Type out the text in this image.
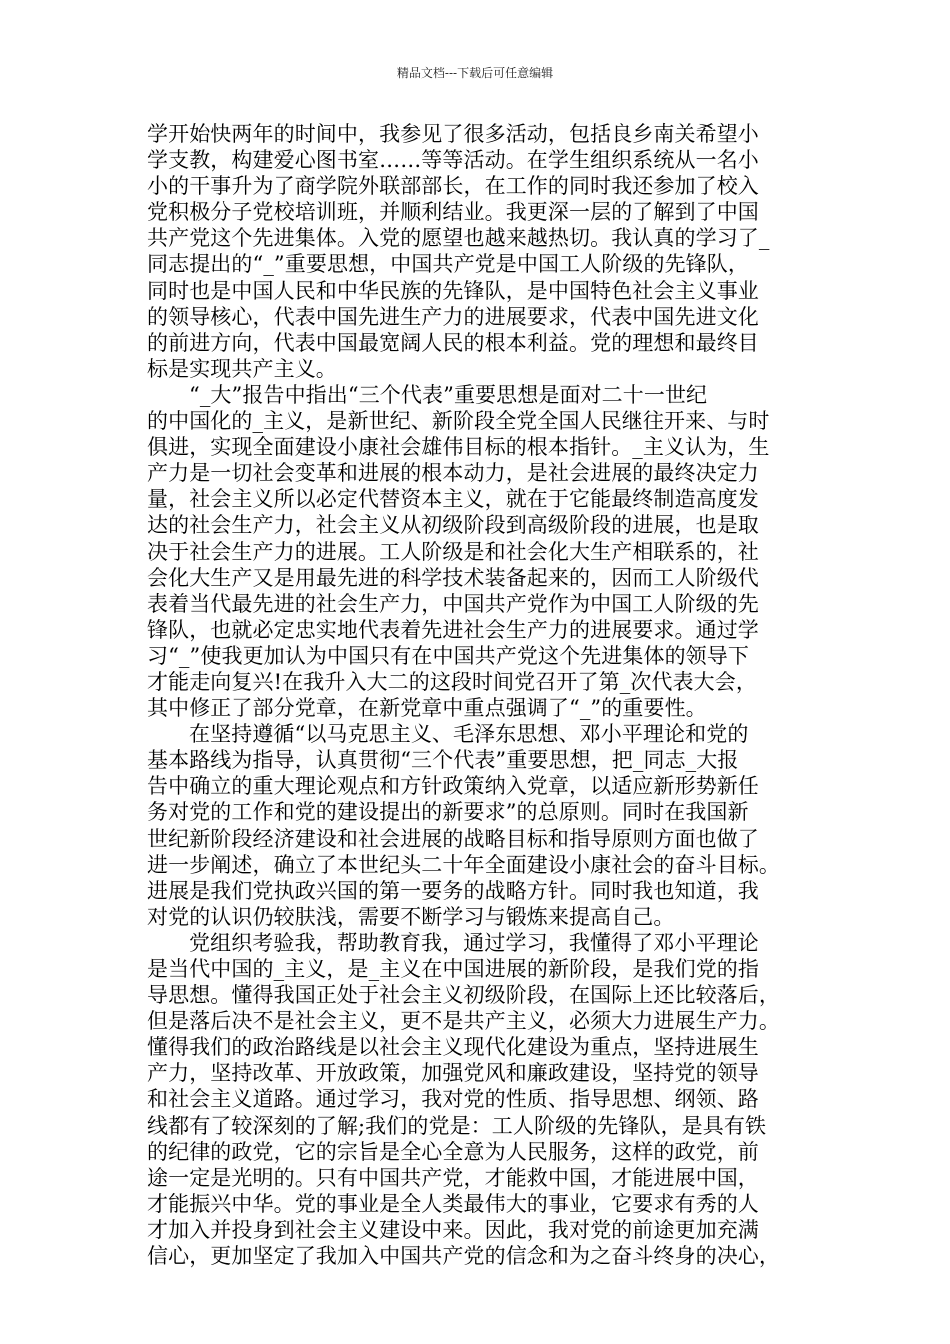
精品文档---下载后可任意编辑
学开始快两年的时间中，我参见了很多活动，包括良乡南关希望小
学支教，构建爱心图书室……等等活动。在学生组织系统从一名小
小的干事升为了商学院外联部部长，在工作的同时我还参加了校入
党积极分子党校培训班，并顺利结业。我更深一层的了解到了中国
共产党这个先进集体。入党的愿望也越来越热切。我认真的学习了_
同志提出的“_”重要思想，中国共产党是中国工人阶级的先锋队，
同时也是中国人民和中华民族的先锋队，是中国特色社会主义事业
的领导核心，代表中国先进生产力的进展要求，代表中国先进文化
的前进方向，代表中国最宽阔人民的根本利益。党的理想和最终目
标是实现共产主义。
“_大”报告中指出“三个代表”重要思想是面对二十一世纪
的中国化的_主义，是新世纪、新阶段全党全国人民继往开来、与时
俱进，实现全面建设小康社会雄伟目标的根本指针。_主义认为，生
产力是一切社会变革和进展的根本动力，是社会进展的最终决定力
量，社会主义所以必定代替资本主义，就在于它能最终制造高度发
达的社会生产力，社会主义从初级阶段到高级阶段的进展，也是取
决于社会生产力的进展。工人阶级是和社会化大生产相联系的，社
会化大生产又是用最先进的科学技术装备起来的，因而工人阶级代
表着当代最先进的社会生产力，中国共产党作为中国工人阶级的先
锋队，也就必定忠实地代表着先进社会生产力的进展要求。通过学
习“_”使我更加认为中国只有在中国共产党这个先进集体的领导下
才能走向复兴!在我升入大二的这段时间党召开了第_次代表大会，
其中修正了部分党章，在新党章中重点强调了“_”的重要性。
在坚持遵循“以马克思主义、毛泽东思想、邓小平理论和党的
基本路线为指导，认真贯彻“三个代表”重要思想，把_同志_大报
告中确立的重大理论观点和方针政策纳入党章，以适应新形势新任
务对党的工作和党的建设提出的新要求”的总原则。同时在我国新
世纪新阶段经济建设和社会进展的战略目标和指导原则方面也做了
进一步阐述，确立了本世纪头二十年全面建设小康社会的奋斗目标。
进展是我们党执政兴国的第一要务的战略方针。同时我也知道，我
对党的认识仍较肤浅，需要不断学习与锻炼来提高自己。
党组织考验我，帮助教育我，通过学习，我懂得了邓小平理论
是当代中国的_主义，是_主义在中国进展的新阶段，是我们党的指
导思想。懂得我国正处于社会主义初级阶段，在国际上还比较落后，
但是落后决不是社会主义，更不是共产主义，必须大力进展生产力。
懂得我们的政治路线是以社会主义现代化建设为重点，坚持进展生
产力，坚持改革、开放政策，加强党风和廉政建设，坚持党的领导
和社会主义道路。通过学习，我对党的性质、指导思想、纲领、路
线都有了较深刻的了解;我们的党是：工人阶级的先锋队，是具有铁
的纪律的政党，它的宗旨是全心全意为人民服务，这样的政党，前
途一定是光明的。只有中国共产党，才能救中国，才能进展中国，
才能振兴中华。党的事业是全人类最伟大的事业，它要求有秀的人
才加入并投身到社会主义建设中来。因此，我对党的前途更加充满
信心，更加坚定了我加入中国共产党的信念和为之奋斗终身的决心，
